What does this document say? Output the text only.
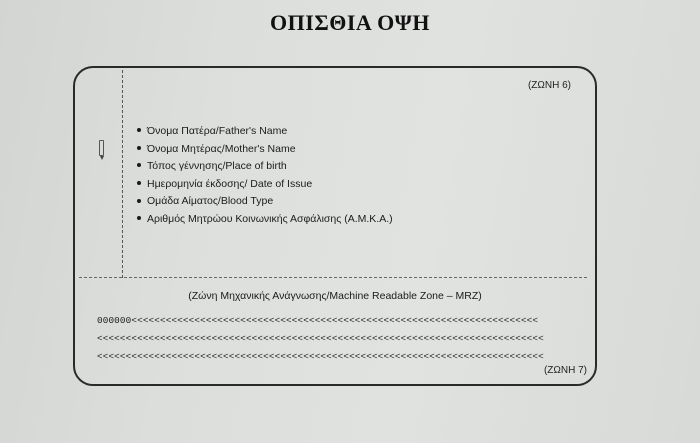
ΟΠΙΣΘΙΑ ΟΨΗ
(ΖΩΝΗ 6)
Όνομα Πατέρα/Father's Name
Όνομα Μητέρας/Mother's Name
Τόπος γέννησης/Place of birth
Ημερομηνία έκδοσης/ Date of Issue
Ομάδα Αίματος/Blood Type
Αριθμός Μητρώου Κοινωνικής Ασφάλισης (Α.Μ.Κ.Α.)
(Ζώνη Μηχανικής Ανάγνωσης/Machine Readable Zone – MRZ)
000000<<<<<<<<<<<<<<<<<<<<<<<<<<<<<<<<<<<<<<<<<<<<<<<<<<<<<<<<<<<<<<<<<<<<<<<
<<<<<<<<<<<<<<<<<<<<<<<<<<<<<<<<<<<<<<<<<<<<<<<<<<<<<<<<<<<<<<<<<<<<<<<<<<<<<<
<<<<<<<<<<<<<<<<<<<<<<<<<<<<<<<<<<<<<<<<<<<<<<<<<<<<<<<<<<<<<<<<<<<<<<<<<<<<<<
(ΖΩΝΗ 7)
